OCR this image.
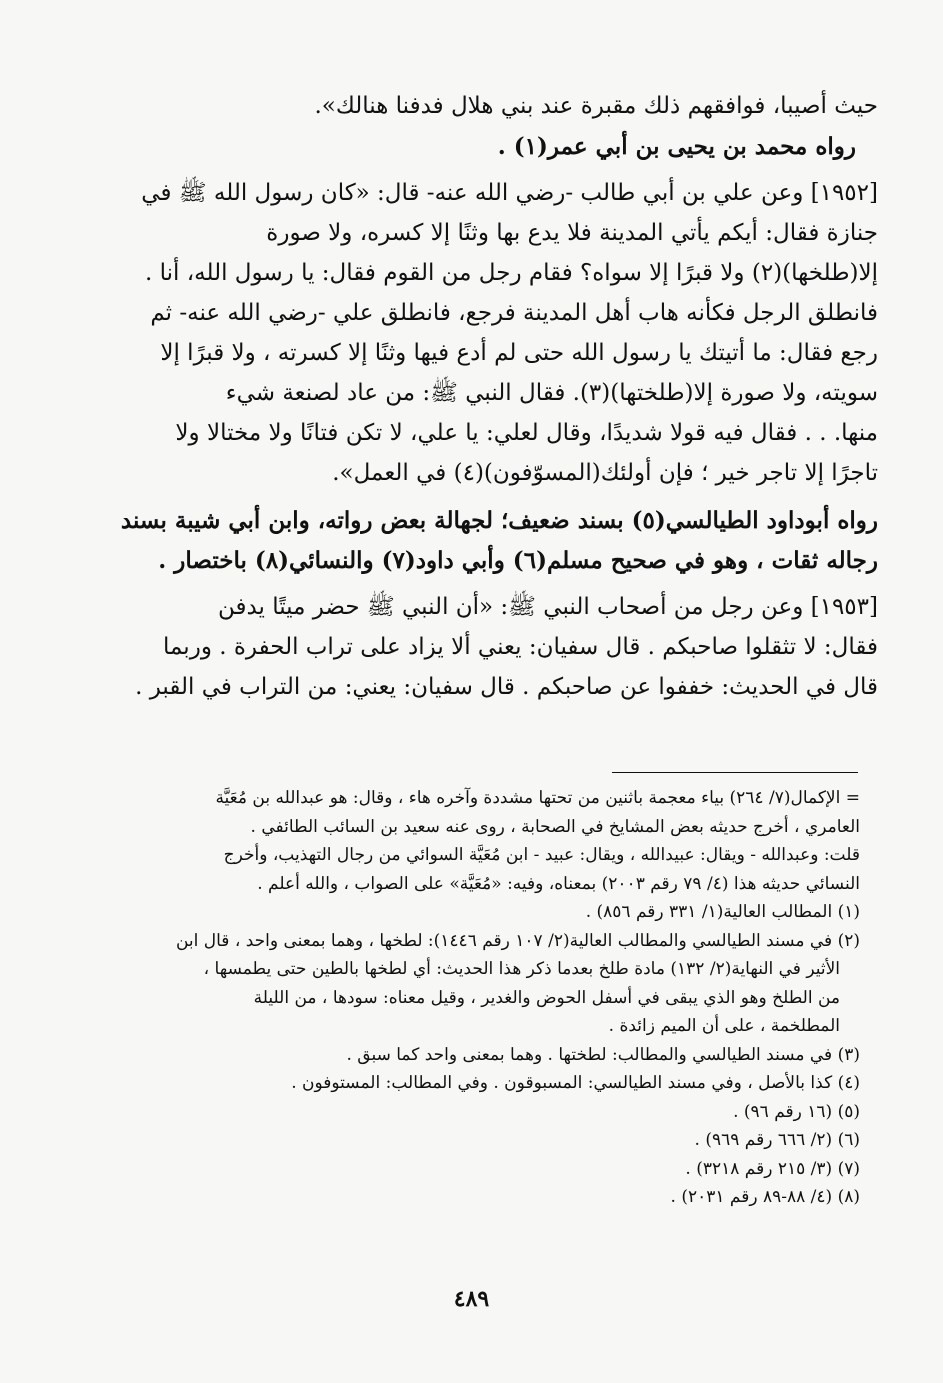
حيث أصيبا، فوافقهم ذلك مقبرة عند بني هلال فدفنا هنالك».

رواه محمد بن يحيى بن أبي عمر(١) .

[١٩٥٢] وعن علي بن أبي طالب -رضي الله عنه- قال: «كان رسول الله ﷺ في

جنازة فقال: أيكم يأتي المدينة فلا يدع بها وثنًا إلا كسره، ولا صورة

إلا(طلخها)(٢) ولا قبرًا إلا سواه؟ فقام رجل من القوم فقال: يا رسول الله، أنا .

فانطلق الرجل فكأنه هاب أهل المدينة فرجع، فانطلق علي -رضي الله عنه- ثم

رجع فقال: ما أتيتك يا رسول الله حتى لم أدع فيها وثنًا إلا كسرته ، ولا قبرًا إلا

سويته، ولا صورة إلا(طلختها)(٣). فقال النبي ﷺ: من عاد لصنعة شيء

منها. . . فقال فيه قولا شديدًا، وقال لعلي: يا علي، لا تكن فتانًا ولا مختالا ولا

تاجرًا إلا تاجر خير ؛ فإن أولئك(المسوّفون)(٤) في العمل».

رواه أبوداود الطيالسي(٥) بسند ضعيف؛ لجهالة بعض رواته، وابن أبي شيبة بسند

رجاله ثقات ، وهو في صحيح مسلم(٦) وأبي داود(٧) والنسائي(٨) باختصار .

[١٩٥٣] وعن رجل من أصحاب النبي ﷺ: «أن النبي ﷺ حضر ميتًا يدفن

فقال: لا تثقلوا صاحبكم . قال سفيان: يعني ألا يزاد على تراب الحفرة . وربما

قال في الحديث: خففوا عن صاحبكم . قال سفيان: يعني: من التراب في القبر .

= الإكمال(٧/ ٢٦٤) بياء معجمة باثنين من تحتها مشددة وآخره هاء ، وقال: هو عبدالله بن مُعَيَّة
العامري ، أخرج حديثه بعض المشايخ في الصحابة ، روى عنه سعيد بن السائب الطائفي .
قلت: وعبدالله - ويقال: عبيدالله ، ويقال: عبيد - ابن مُعَيَّة السوائي من رجال التهذيب، وأخرج
النسائي حديثه هذا (٤/ ٧٩ رقم ٢٠٠٣) بمعناه، وفيه: «مُعَيَّة» على الصواب ، والله أعلم .
(١) المطالب العالية(١/ ٣٣١ رقم ٨٥٦) .
(٢) في مسند الطيالسي والمطالب العالية(٢/ ١٠٧ رقم ١٤٤٦): لطخها ، وهما بمعنى واحد ، قال ابن
الأثير في النهاية(٢/ ١٣٢) مادة طلخ بعدما ذكر هذا الحديث: أي لطخها بالطين حتى يطمسها ،
من الطلخ وهو الذي يبقى في أسفل الحوض والغدير ، وقيل معناه: سودها ، من الليلة
المطلخمة ، على أن الميم زائدة .
(٣) في مسند الطيالسي والمطالب: لطختها . وهما بمعنى واحد كما سبق .
(٤) كذا بالأصل ، وفي مسند الطيالسي: المسبوقون . وفي المطالب: المستوفون .
(٥) (١٦ رقم ٩٦) .
(٦) (٢/ ٦٦٦ رقم ٩٦٩) .
(٧) (٣/ ٢١٥ رقم ٣٢١٨) .
(٨) (٤/ ٨٨-٨٩ رقم ٢٠٣١) .
٤٨٩
